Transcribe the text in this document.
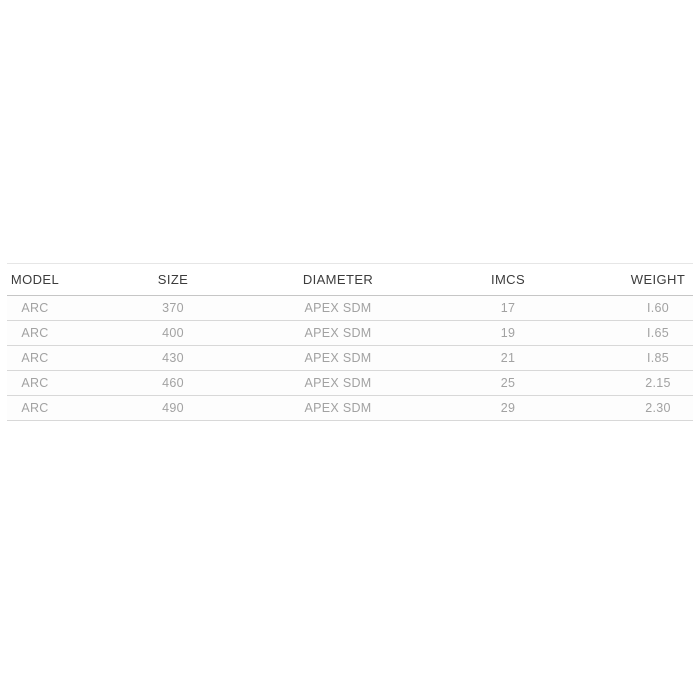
MODEL	SIZE	DIAMETER	IMCS	WEIGHT
ARC	370	APEX SDM	17	I.60
ARC	400	APEX SDM	19	I.65
ARC	430	APEX SDM	21	I.85
ARC	460	APEX SDM	25	2.15
ARC	490	APEX SDM	29	2.30
